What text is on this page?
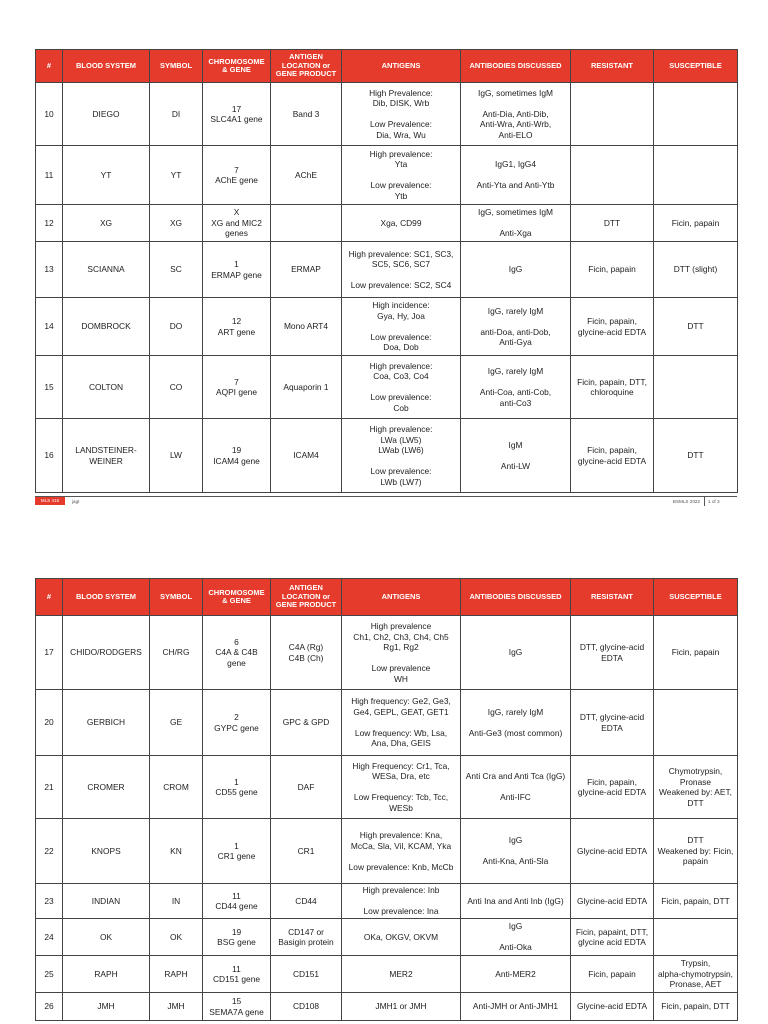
#	BLOOD SYSTEM	SYMBOL	CHROMOSOME & GENE	ANTIGEN LOCATION or GENE PRODUCT	ANTIGENS	ANTIBODIES DISCUSSED	RESISTANT	SUSCEPTIBLE
10	DIEGO	DI	17
SLC4A1 gene	Band 3	High Prevalence:
Dib, DISK, Wrb

Low Prevalence:
Dia, Wra, Wu	IgG, sometimes IgM

Anti-Dia, Anti-Dib,
Anti-Wra, Anti-Wrb,
Anti-ELO		
11	YT	YT	7
AChE gene	AChE	High prevalence:
Yta

Low prevalence:
Ytb	IgG1, IgG4

Anti-Yta and Anti-Ytb		
12	XG	XG	X
XG and MIC2
genes		Xga, CD99	IgG, sometimes IgM

Anti-Xga	DTT	Ficin, papain
13	SCIANNA	SC	1
ERMAP gene	ERMAP	High prevalence: SC1, SC3,
SC5, SC6, SC7

Low prevalence: SC2, SC4	IgG	Ficin, papain	DTT (slight)
14	DOMBROCK	DO	12
ART gene	Mono ART4	High incidence:
Gya, Hy, Joa

Low prevalence:
Doa, Dob	IgG, rarely IgM

anti-Doa, anti-Dob,
Anti-Gya	Ficin, papain,
glycine-acid EDTA	DTT
15	COLTON	CO	7
AQPI gene	Aquaporin 1	High prevalence:
Coa, Co3, Co4

Low prevalence:
Cob	IgG, rarely IgM

Anti-Coa, anti-Cob,
anti-Co3	Ficin, papain, DTT,
chloroquine	
16	LANDSTEINER-
WEINER	LW	19
ICAM4 gene	ICAM4	High prevalence:
LWa (LW5)
LWab (LW6)

Low prevalence:
LWb (LW7)	IgM

Anti-LW	Ficin, papain,
glycine-acid EDTA	DTT
MLS 416	jagt	BSMLS 2022 1 of 3
#	BLOOD SYSTEM	SYMBOL	CHROMOSOME & GENE	ANTIGEN LOCATION or GENE PRODUCT	ANTIGENS	ANTIBODIES DISCUSSED	RESISTANT	SUSCEPTIBLE
17	CHIDO/RODGERS	CH/RG	6
C4A & C4B
gene	C4A (Rg)
C4B (Ch)	High prevalence
Ch1, Ch2, Ch3, Ch4, Ch5
Rg1, Rg2

Low prevalence
WH	IgG	DTT, glycine-acid
EDTA	Ficin, papain
20	GERBICH	GE	2
GYPC gene	GPC & GPD	High frequency: Ge2, Ge3,
Ge4, GEPL, GEAT, GET1

Low frequency: Wb, Lsa,
Ana, Dha, GEIS	IgG, rarely IgM

Anti-Ge3 (most common)	DTT, glycine-acid
EDTA	
21	CROMER	CROM	1
CD55 gene	DAF	High Frequency: Cr1, Tca,
WESa, Dra, etc

Low Frequency: Tcb, Tcc,
WESb	Anti Cra and Anti Tca (IgG)

Anti-IFC	Ficin, papain,
glycine-acid EDTA	Chymotrypsin,
Pronase
Weakened by: AET,
DTT
22	KNOPS	KN	1
CR1 gene	CR1	High prevalence: Kna,
McCa, Sla, Vil, KCAM, Yka

Low prevalence: Knb, McCb	IgG

Anti-Kna, Anti-Sla	Glycine-acid EDTA	DTT
Weakened by: Ficin,
papain
23	INDIAN	IN	11
CD44 gene	CD44	High prevalence: Inb

Low prevalence: Ina	Anti Ina and Anti Inb (IgG)	Glycine-acid EDTA	Ficin, papain, DTT
24	OK	OK	19
BSG gene	CD147 or
Basigin protein	OKa, OKGV, OKVM	IgG

Anti-Oka	Ficin, papaint, DTT,
glycine acid EDTA	
25	RAPH	RAPH	11
CD151 gene	CD151	MER2	Anti-MER2	Ficin, papain	Trypsin,
alpha-chymotrypsin,
Pronase, AET
26	JMH	JMH	15
SEMA7A gene	CD108	JMH1 or JMH	Anti-JMH or Anti-JMH1	Glycine-acid EDTA	Ficin, papain, DTT
